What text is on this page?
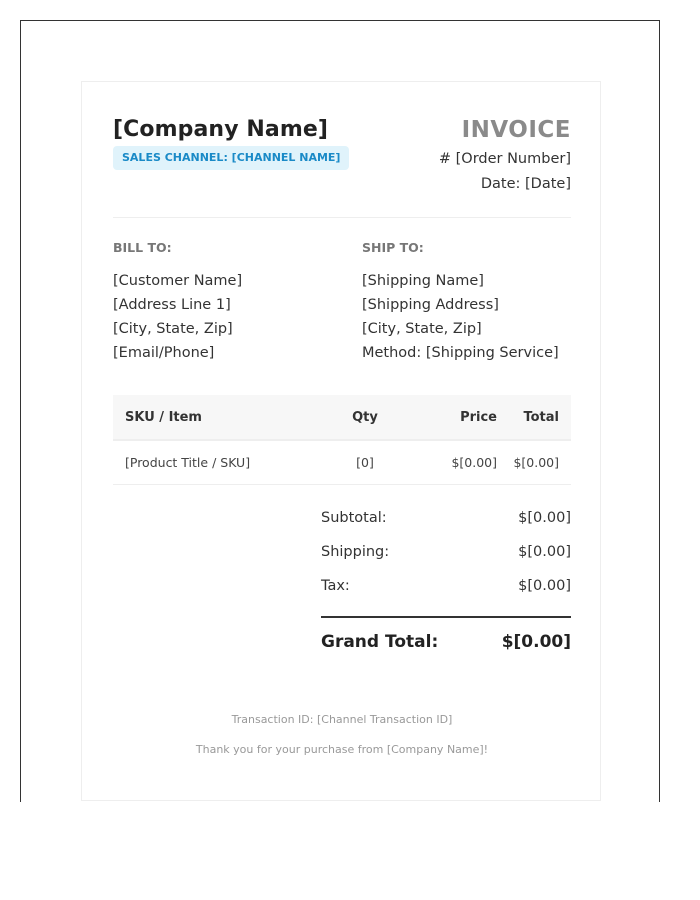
[Company Name]
SALES CHANNEL: [CHANNEL NAME]
INVOICE
# [Order Number]
Date: [Date]
BILL TO:
[Customer Name]
[Address Line 1]
[City, State, Zip]
[Email/Phone]
SHIP TO:
[Shipping Name]
[Shipping Address]
[City, State, Zip]
Method: [Shipping Service]
SKU / Item	Qty	Price	Total
[Product Title / SKU]	[0]	$[0.00]	$[0.00]
Subtotal:	$[0.00]
Shipping:	$[0.00]
Tax:	$[0.00]
Grand Total:	$[0.00]
Transaction ID: [Channel Transaction ID]
Thank you for your purchase from [Company Name]!
